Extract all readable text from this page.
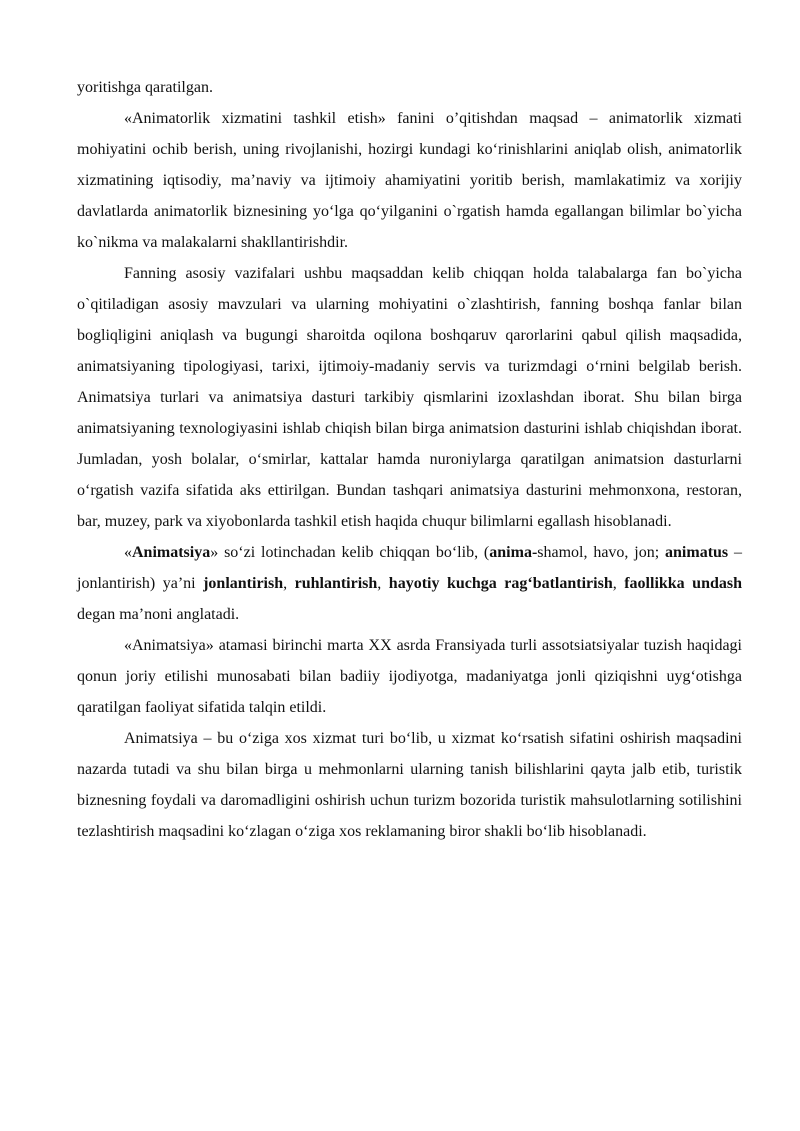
yoritishga qaratilgan.

«Animatorlik xizmatini tashkil etish» fanini o’qitishdan maqsad – animatorlik xizmati mohiyatini ochib berish, uning rivojlanishi, hozirgi kundagi ko‘rinishlarini aniqlab olish, animatorlik xizmatining iqtisodiy, ma’naviy va ijtimoiy ahamiyatini yoritib berish, mamlakatimiz va xorijiy davlatlarda animatorlik biznesining yo‘lga qo‘yilganini o`rgatish hamda egallangan bilimlar bo`yicha ko`nikma va malakalarni shakllantirishdir.

Fanning asosiy vazifalari ushbu maqsaddan kelib chiqqan holda talabalarga fan bo`yicha o`qitiladigan asosiy mavzulari va ularning mohiyatini o`zlashtirish, fanning boshqa fanlar bilan bogliqligini aniqlash va bugungi sharoitda oqilona boshqaruv qarorlarini qabul qilish maqsadida, animatsiyaning tipologiyasi, tarixi, ijtimoiy-madaniy servis va turizmdagi o‘rnini belgilab berish. Animatsiya turlari va animatsiya dasturi tarkibiy qismlarini izoxlashdan iborat. Shu bilan birga animatsiyaning texnologiyasini ishlab chiqish bilan birga animatsion dasturini ishlab chiqishdan iborat. Jumladan, yosh bolalar, o‘smirlar, kattalar hamda nuroniylarga qaratilgan animatsion dasturlarni o‘rgatish vazifa sifatida aks ettirilgan. Bundan tashqari animatsiya dasturini mehmonxona, restoran, bar, muzey, park va xiyobonlarda tashkil etish haqida chuqur bilimlarni egallash hisoblanadi.

«Animatsiya» so‘zi lotinchadan kelib chiqqan bo‘lib, (anima-shamol, havo, jon; animatus – jonlantirish) ya’ni jonlantirish, ruhlantirish, hayotiy kuchga rag‘batlantirish, faollikka undash degan ma’noni anglatadi.

«Animatsiya» atamasi birinchi marta XX asrda Fransiyada turli assotsiatsiyalar tuzish haqidagi qonun joriy etilishi munosabati bilan badiiy ijodiyotga, madaniyatga jonli qiziqishni uyg‘otishga qaratilgan faoliyat sifatida talqin etildi.

Animatsiya – bu o‘ziga xos xizmat turi bo‘lib, u xizmat ko‘rsatish sifatini oshirish maqsadini nazarda tutadi va shu bilan birga u mehmonlarni ularning tanish bilishlarini qayta jalb etib, turistik biznesning foydali va daromadligini oshirish uchun turizm bozorida turistik mahsulotlarning sotilishini tezlashtirish maqsadini ko‘zlagan o‘ziga xos reklamaning biror shakli bo‘lib hisoblanadi.
